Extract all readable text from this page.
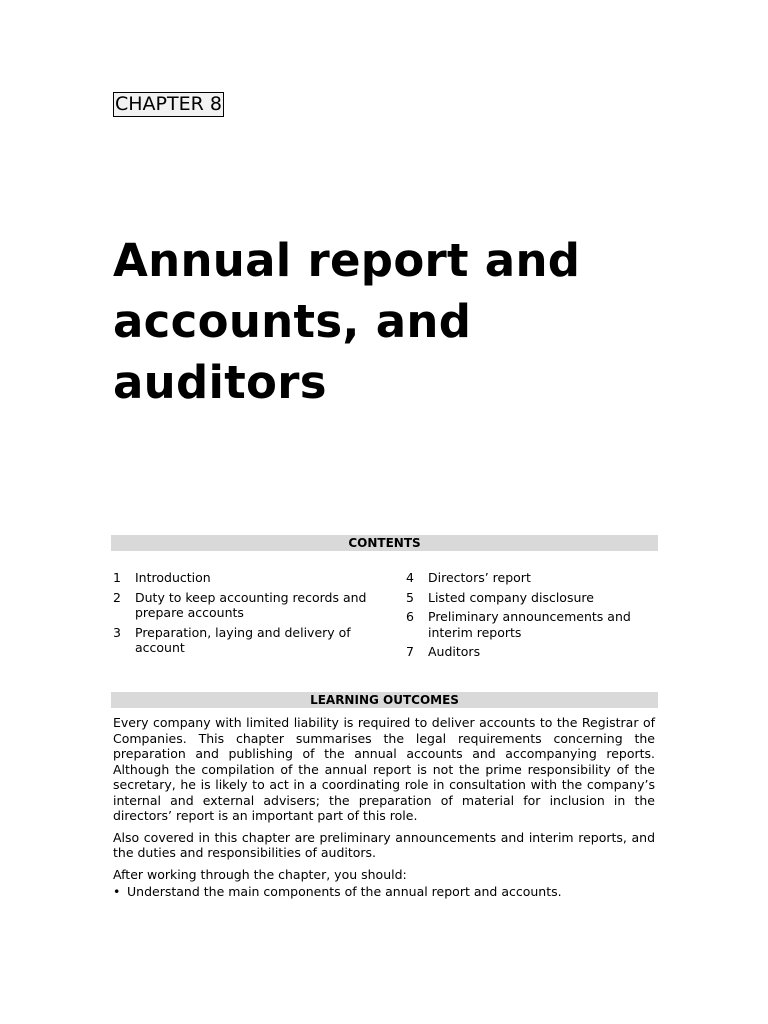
CHAPTER 8
Annual report and
accounts, and
auditors
CONTENTS
1	Introduction
2	Duty to keep accounting records and prepare accounts
3	Preparation, laying and delivery of account
4	Directors’ report
5	Listed company disclosure
6	Preliminary announcements and interim reports
7	Auditors
LEARNING OUTCOMES

Every company with limited liability is required to deliver accounts to the Registrar of Companies. This chapter summarises the legal requirements concerning the preparation and publishing of the annual accounts and accompanying reports. Although the compilation of the annual report is not the prime responsibility of the secretary, he is likely to act in a coordinating role in consultation with the company’s internal and external advisers; the preparation of material for inclusion in the directors’ report is an important part of this role.

Also covered in this chapter are preliminary announcements and interim reports, and the duties and responsibilities of auditors.

After working through the chapter, you should:

• Understand the main components of the annual report and accounts.
